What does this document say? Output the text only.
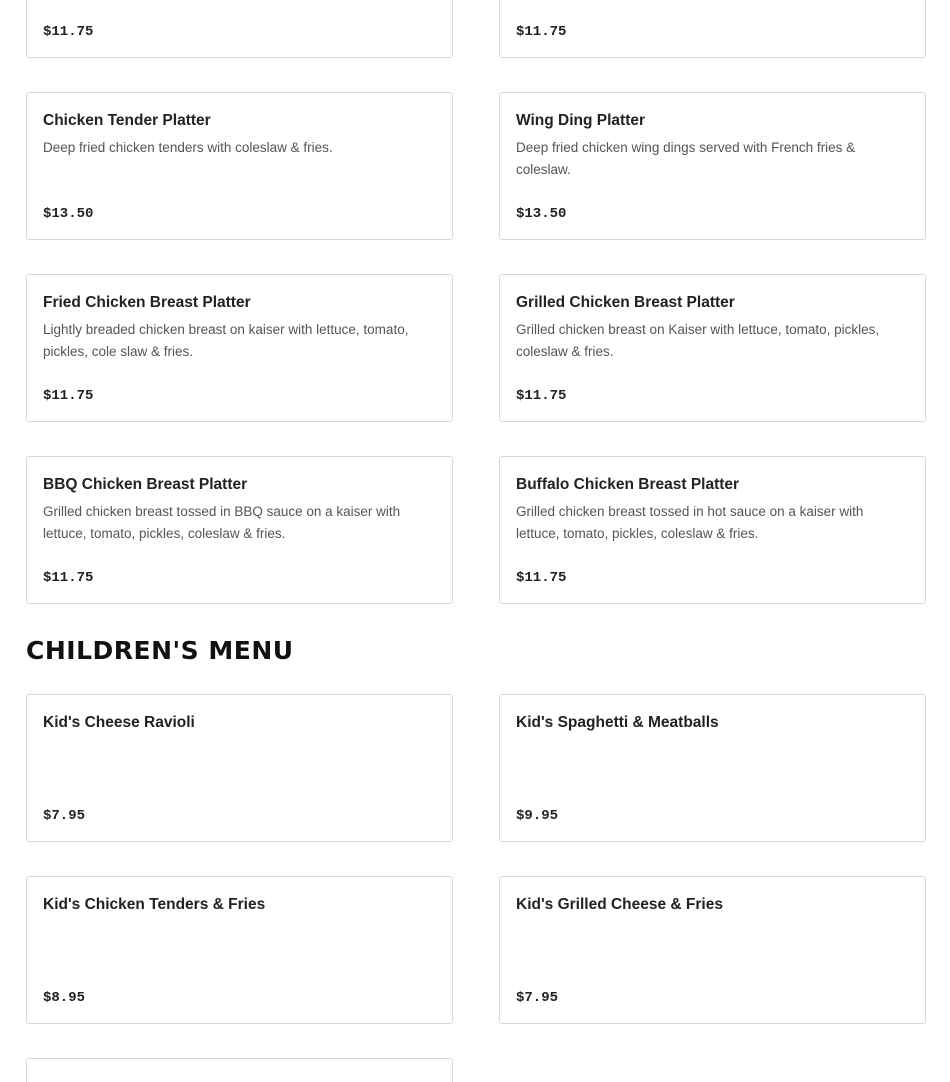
$11.75	$11.75
Chicken Tender Platter
Deep fried chicken tenders with coleslaw & fries.
$13.50
Wing Ding Platter
Deep fried chicken wing dings served with French fries & coleslaw.
$13.50
Fried Chicken Breast Platter
Lightly breaded chicken breast on kaiser with lettuce, tomato, pickles, cole slaw & fries.
$11.75
Grilled Chicken Breast Platter
Grilled chicken breast on Kaiser with lettuce, tomato, pickles, coleslaw & fries.
$11.75
BBQ Chicken Breast Platter
Grilled chicken breast tossed in BBQ sauce on a kaiser with lettuce, tomato, pickles, coleslaw & fries.
$11.75
Buffalo Chicken Breast Platter
Grilled chicken breast tossed in hot sauce on a kaiser with lettuce, tomato, pickles, coleslaw & fries.
$11.75
CHILDREN'S MENU
Kid's Cheese Ravioli
$7.95
Kid's Spaghetti & Meatballs
$9.95
Kid's Chicken Tenders & Fries
$8.95
Kid's Grilled Cheese & Fries
$7.95
